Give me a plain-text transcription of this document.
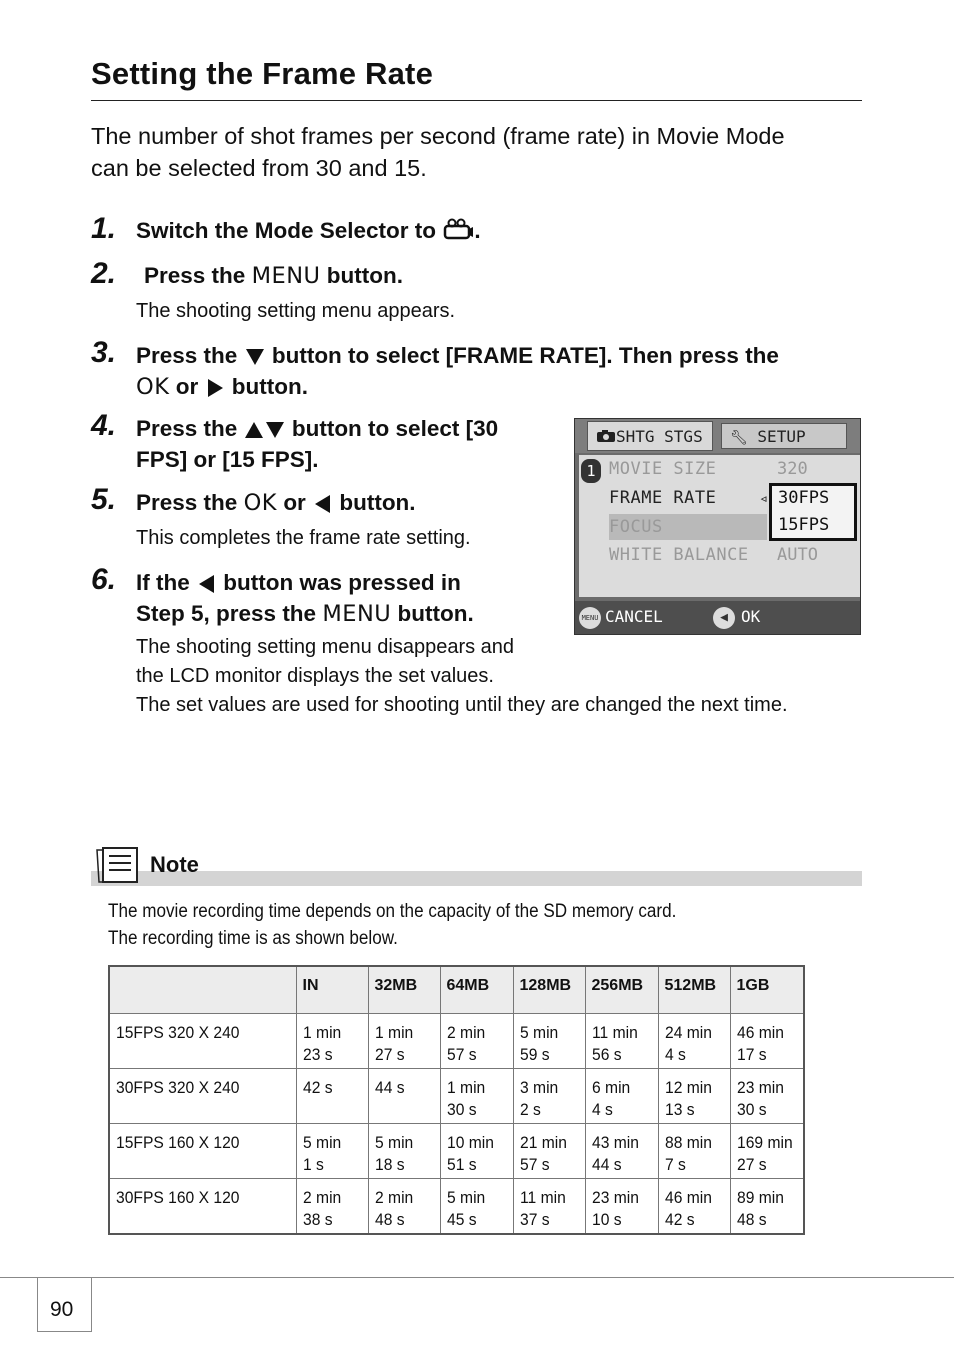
Setting the Frame Rate
The number of shot frames per second (frame rate) in Movie Mode
can be selected from 30 and 15.
1. Switch the Mode Selector to .
2. Press the MENU button.
The shooting setting menu appears.
3. Press the button to select [FRAME RATE]. Then press the
OK or button.
4. Press the button to select [30
FPS] or [15 FPS].
5. Press the OK or button.
This completes the frame rate setting.
6. If the button was pressed in
Step 5, press the MENU button.
The shooting setting menu disappears and
the LCD monitor displays the set values.
The set values are used for shooting until they are changed the next time.
SHTG STGS	🔧︎ SETUP
1 MOVIE SIZE	320
FRAME RATE	◃
FOCUS
WHITE BALANCE AUTO
30FPS
15FPS
MENU CANCEL	◀ OK
Note
The movie recording time depends on the capacity of the SD memory card.
The recording time is as shown below.
	IN	32MB	64MB	128MB	256MB	512MB	1GB

15FPS 320 X 240	1 min
23 s	1 min
27 s	2 min
57 s	5 min
59 s	11 min
56 s	24 min
4 s	46 min
17 s

30FPS 320 X 240	42 s	44 s	1 min
30 s	3 min
2 s	6 min
4 s	12 min
13 s	23 min
30 s

15FPS 160 X 120	5 min
1 s	5 min
18 s	10 min
51 s	21 min
57 s	43 min
44 s	88 min
7 s	169 min
27 s

30FPS 160 X 120	2 min
38 s	2 min
48 s	5 min
45 s	11 min
37 s	23 min
10 s	46 min
42 s	89 min
48 s
90
